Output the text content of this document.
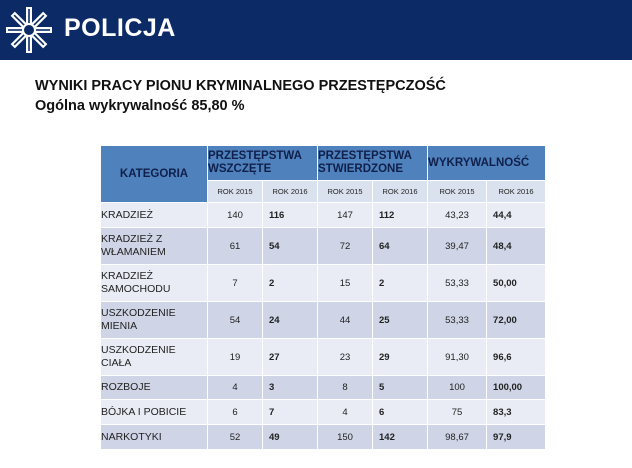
POLICJA
WYNIKI PRACY PIONU KRYMINALNEGO PRZESTĘPCZOŚĆ
Ogólna wykrywalność 85,80 %
KATEGORIA	PRZESTĘPSTWA WSZCZĘTE		PRZESTĘPSTWA STWIERDZONE		WYKRYWALNOŚĆ	
	ROK 2015	ROK 2016	ROK 2015	ROK 2016	ROK 2015	ROK 2016
KRADZIEŻ	140	116	147	112	43,23	44,4
KRADZIEŻ Z WŁAMANIEM	61	54	72	64	39,47	48,4
KRADZIEŻ SAMOCHODU	7	2	15	2	53,33	50,00
USZKODZENIE MIENIA	54	24	44	25	53,33	72,00
USZKODZENIE CIAŁA	19	27	23	29	91,30	96,6
ROZBOJE	4	3	8	5	100	100,00
BÓJKA I POBICIE	6	7	4	6	75	83,3
NARKOTYKI	52	49	150	142	98,67	97,9
